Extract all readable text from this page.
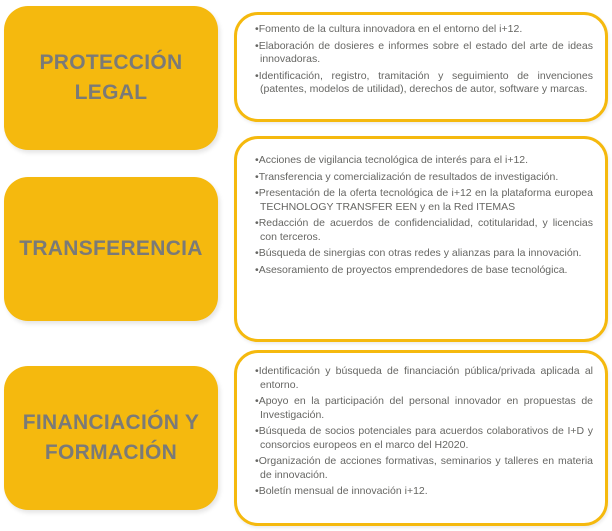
PROTECCIÓN
LEGAL
•Fomento de la cultura innovadora en el entorno del i+12.
•Elaboración de dosieres e informes sobre el estado del arte de ideas innovadoras.
•Identificación, registro, tramitación y seguimiento de invenciones (patentes, modelos de utilidad), derechos de autor, software y marcas.
TRANSFERENCIA
•Acciones de vigilancia tecnológica de interés para el i+12.
•Transferencia y comercialización de resultados de investigación.
•Presentación de la oferta tecnológica de i+12 en la plataforma europea TECHNOLOGY TRANSFER EEN y en la Red ITEMAS
•Redacción de acuerdos de confidencialidad, cotitularidad, y licencias con terceros.
•Búsqueda de sinergias con otras redes y alianzas para la innovación.
•Asesoramiento de proyectos emprendedores de base tecnológica.
FINANCIACIÓN Y
FORMACIÓN
•Identificación y búsqueda de financiación pública/privada aplicada al entorno.
•Apoyo en la participación del personal innovador en propuestas de Investigación.
•Búsqueda de socios potenciales para acuerdos colaborativos de I+D y consorcios europeos en el marco del H2020.
•Organización de acciones formativas, seminarios y talleres en materia de innovación.
•Boletín mensual de innovación i+12.
